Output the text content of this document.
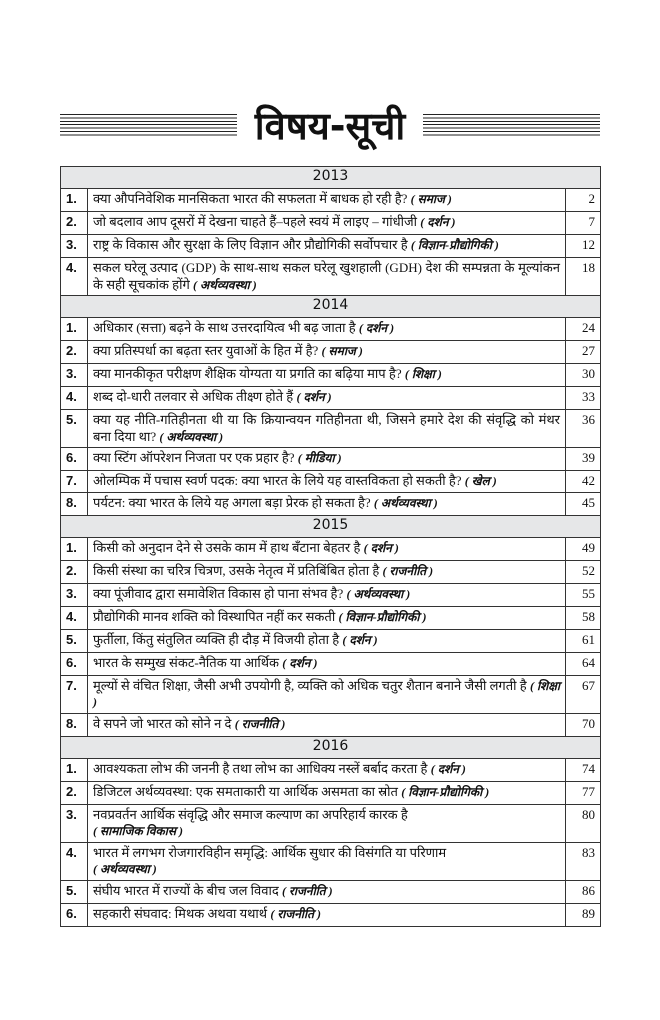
विषय-सूची
2013		
1.	क्या औपनिवेशिक मानसिकता भारत की सफलता में बाधक हो रही है? ( समाज )	2
2.	जो बदलाव आप दूसरों में देखना चाहते हैं–पहले स्वयं में लाइए – गांधीजी ( दर्शन )	7
3.	राष्ट्र के विकास और सुरक्षा के लिए विज्ञान और प्रौद्योगिकी सर्वोपचार है ( विज्ञान-प्रौद्योगिकी )	12
4.	सकल घरेलू उत्पाद (GDP) के साथ-साथ सकल घरेलू खुशहाली (GDH) देश की सम्पन्नता के मूल्यांकन के सही सूचकांक होंगे ( अर्थव्यवस्था )	18
2014		
1.	अधिकार (सत्ता) बढ़ने के साथ उत्तरदायित्व भी बढ़ जाता है ( दर्शन )	24
2.	क्या प्रतिस्पर्धा का बढ़ता स्तर युवाओं के हित में है? ( समाज )	27
3.	क्या मानकीकृत परीक्षण शैक्षिक योग्यता या प्रगति का बढ़िया माप है? ( शिक्षा )	30
4.	शब्द दो-धारी तलवार से अधिक तीक्ष्ण होते हैं ( दर्शन )	33
5.	क्या यह नीति-गतिहीनता थी या कि क्रियान्वयन गतिहीनता थी, जिसने हमारे देश की संवृद्धि को मंथर बना दिया था? ( अर्थव्यवस्था )	36
6.	क्या स्टिंग ऑपरेशन निजता पर एक प्रहार है? ( मीडिया )	39
7.	ओलम्पिक में पचास स्वर्ण पदक: क्या भारत के लिये यह वास्तविकता हो सकती है? ( खेल )	42
8.	पर्यटन: क्या भारत के लिये यह अगला बड़ा प्रेरक हो सकता है? ( अर्थव्यवस्था )	45
2015		
1.	किसी को अनुदान देने से उसके काम में हाथ बँटाना बेहतर है ( दर्शन )	49
2.	किसी संस्था का चरित्र चित्रण, उसके नेतृत्व में प्रतिबिंबित होता है ( राजनीति )	52
3.	क्या पूंजीवाद द्वारा समावेशित विकास हो पाना संभव है? ( अर्थव्यवस्था )	55
4.	प्रौद्योगिकी मानव शक्ति को विस्थापित नहीं कर सकती ( विज्ञान-प्रौद्योगिकी )	58
5.	फुर्तीला, किंतु संतुलित व्यक्ति ही दौड़ में विजयी होता है ( दर्शन )	61
6.	भारत के सम्मुख संकट-नैतिक या आर्थिक ( दर्शन )	64
7.	मूल्यों से वंचित शिक्षा, जैसी अभी उपयोगी है, व्यक्ति को अधिक चतुर शैतान बनाने जैसी लगती है ( शिक्षा )	67
8.	वे सपने जो भारत को सोने न दे ( राजनीति )	70
2016		
1.	आवश्यकता लोभ की जननी है तथा लोभ का आधिक्य नस्लें बर्बाद करता है ( दर्शन )	74
2.	डिजिटल अर्थव्यवस्था: एक समताकारी या आर्थिक असमता का स्रोत ( विज्ञान-प्रौद्योगिकी )	77
3.	नवप्रवर्तन आर्थिक संवृद्धि और समाज कल्याण का अपरिहार्य कारक है
( सामाजिक विकास )	80
4.	भारत में लगभग रोजगारविहीन समृद्धि: आर्थिक सुधार की विसंगति या परिणाम
( अर्थव्यवस्था )	83
5.	संघीय भारत में राज्यों के बीच जल विवाद ( राजनीति )	86
6.	सहकारी संघवाद: मिथक अथवा यथार्थ ( राजनीति )	89
